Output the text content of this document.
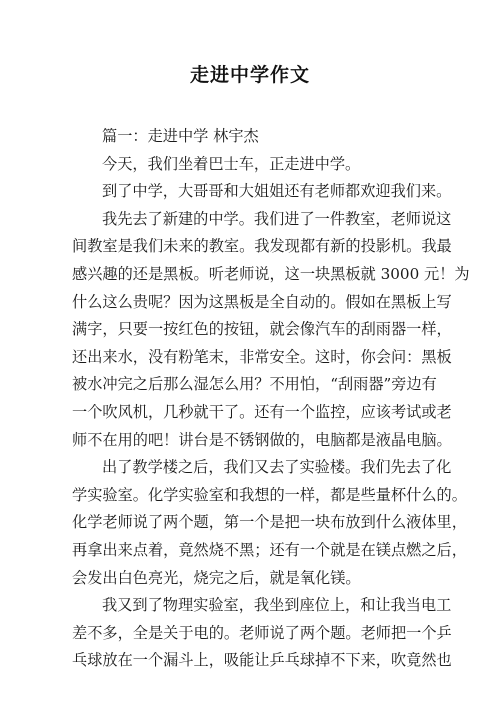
走进中学作文
篇一：走进中学 林宇杰
今天，我们坐着巴士车，正走进中学。
到了中学，大哥哥和大姐姐还有老师都欢迎我们来。
我先去了新建的中学。我们进了一件教室，老师说这
间教室是我们未来的教室。我发现都有新的投影机。我最
感兴趣的还是黑板。听老师说，这一块黑板就 3000 元！为
什么这么贵呢？因为这黑板是全自动的。假如在黑板上写
满字，只要一按红色的按钮，就会像汽车的刮雨器一样，
还出来水，没有粉笔末，非常安全。这时，你会问：黑板
被水冲完之后那么湿怎么用？不用怕，“刮雨器”旁边有
一个吹风机，几秒就干了。还有一个监控，应该考试或老
师不在用的吧！讲台是不锈钢做的，电脑都是液晶电脑。
出了教学楼之后，我们又去了实验楼。我们先去了化
学实验室。化学实验室和我想的一样，都是些量杯什么的。
化学老师说了两个题，第一个是把一块布放到什么液体里，
再拿出来点着，竟然烧不黑；还有一个就是在镁点燃之后，
会发出白色亮光，烧完之后，就是氧化镁。
我又到了物理实验室，我坐到座位上，和让我当电工
差不多，全是关于电的。老师说了两个题。老师把一个乒
乓球放在一个漏斗上，吸能让乒乓球掉不下来，吹竟然也
